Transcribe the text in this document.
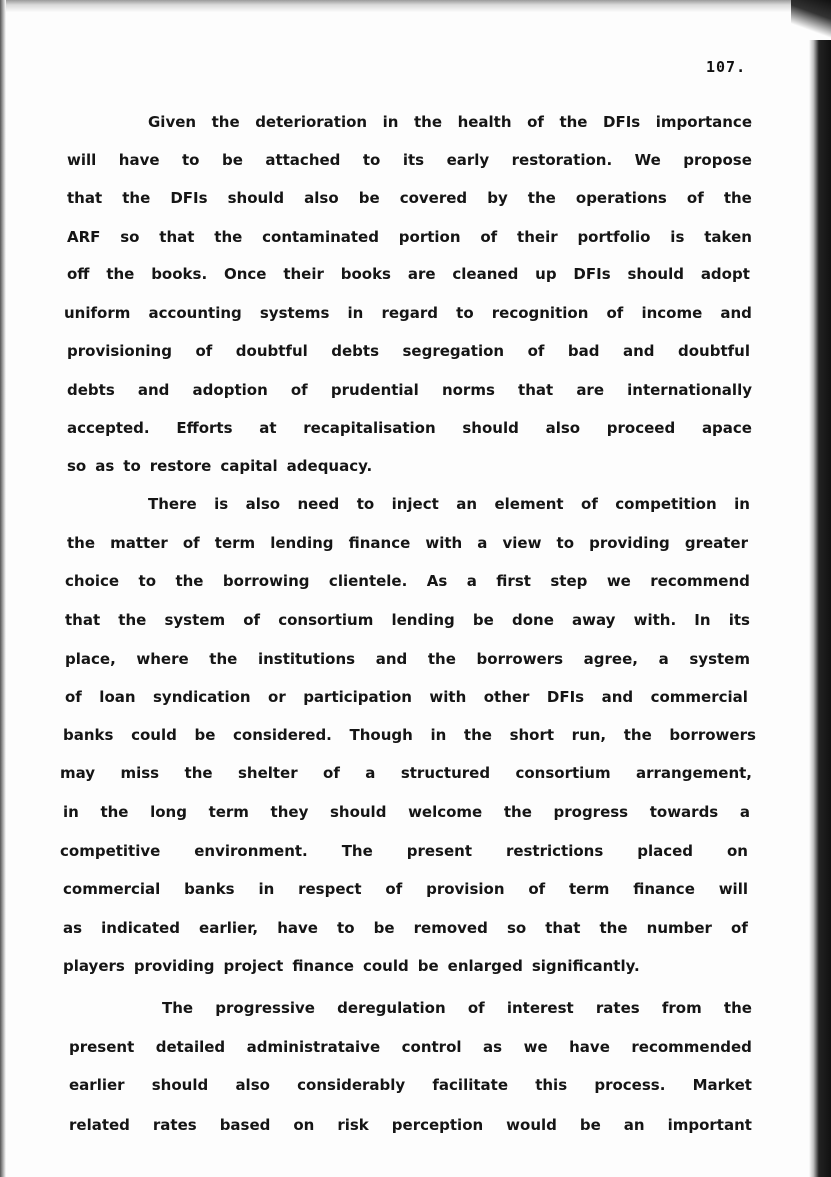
107.
Given the deterioration in the health of the DFIs importance
will have to be attached to its early restoration. We propose
that the DFIs should also be covered by the operations of the
ARF so that the contaminated portion of their portfolio is taken
off the books. Once their books are cleaned up DFIs should adopt
uniform accounting systems in regard to recognition of income and
provisioning of doubtful debts segregation of bad and doubtful
debts and adoption of prudential norms that are internationally
accepted. Efforts at recapitalisation should also proceed apace
so as to restore capital adequacy.
There is also need to inject an element of competition in
the matter of term lending finance with a view to providing greater
choice to the borrowing clientele. As a first step we recommend
that the system of consortium lending be done away with. In its
place, where the institutions and the borrowers agree, a system
of loan syndication or participation with other DFIs and commercial
banks could be considered. Though in the short run, the borrowers
may miss the shelter of a structured consortium arrangement,
in the long term they should welcome the progress towards a
competitive environment. The present restrictions placed on
commercial banks in respect of provision of term finance will
as indicated earlier, have to be removed so that the number of
players providing project finance could be enlarged significantly.
The progressive deregulation of interest rates from the
present detailed administrataive control as we have recommended
earlier should also considerably facilitate this process. Market
related rates based on risk perception would be an important
